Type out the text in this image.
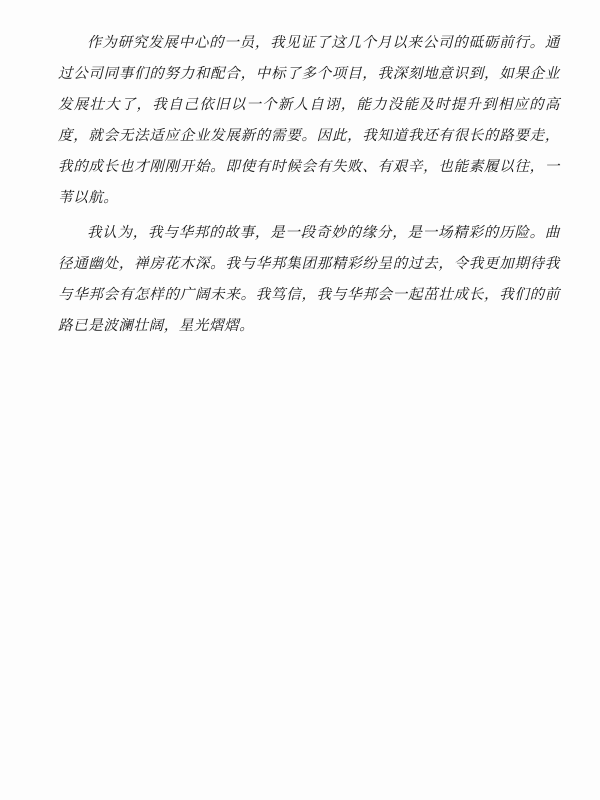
作为研究发展中心的一员，我见证了这几个月以来公司的砥砺前行。通过公司同事们的努力和配合，中标了多个项目，我深刻地意识到，如果企业发展壮大了，我自己依旧以一个新人自诩，能力没能及时提升到相应的高度，就会无法适应企业发展新的需要。因此，我知道我还有很长的路要走，我的成长也才刚刚开始。即使有时候会有失败、有艰辛，也能素履以往，一苇以航。

我认为，我与华邦的故事，是一段奇妙的缘分，是一场精彩的历险。曲径通幽处，禅房花木深。我与华邦集团那精彩纷呈的过去，令我更加期待我与华邦会有怎样的广阔未来。我笃信，我与华邦会一起茁壮成长，我们的前路已是波澜壮阔，星光熠熠。
